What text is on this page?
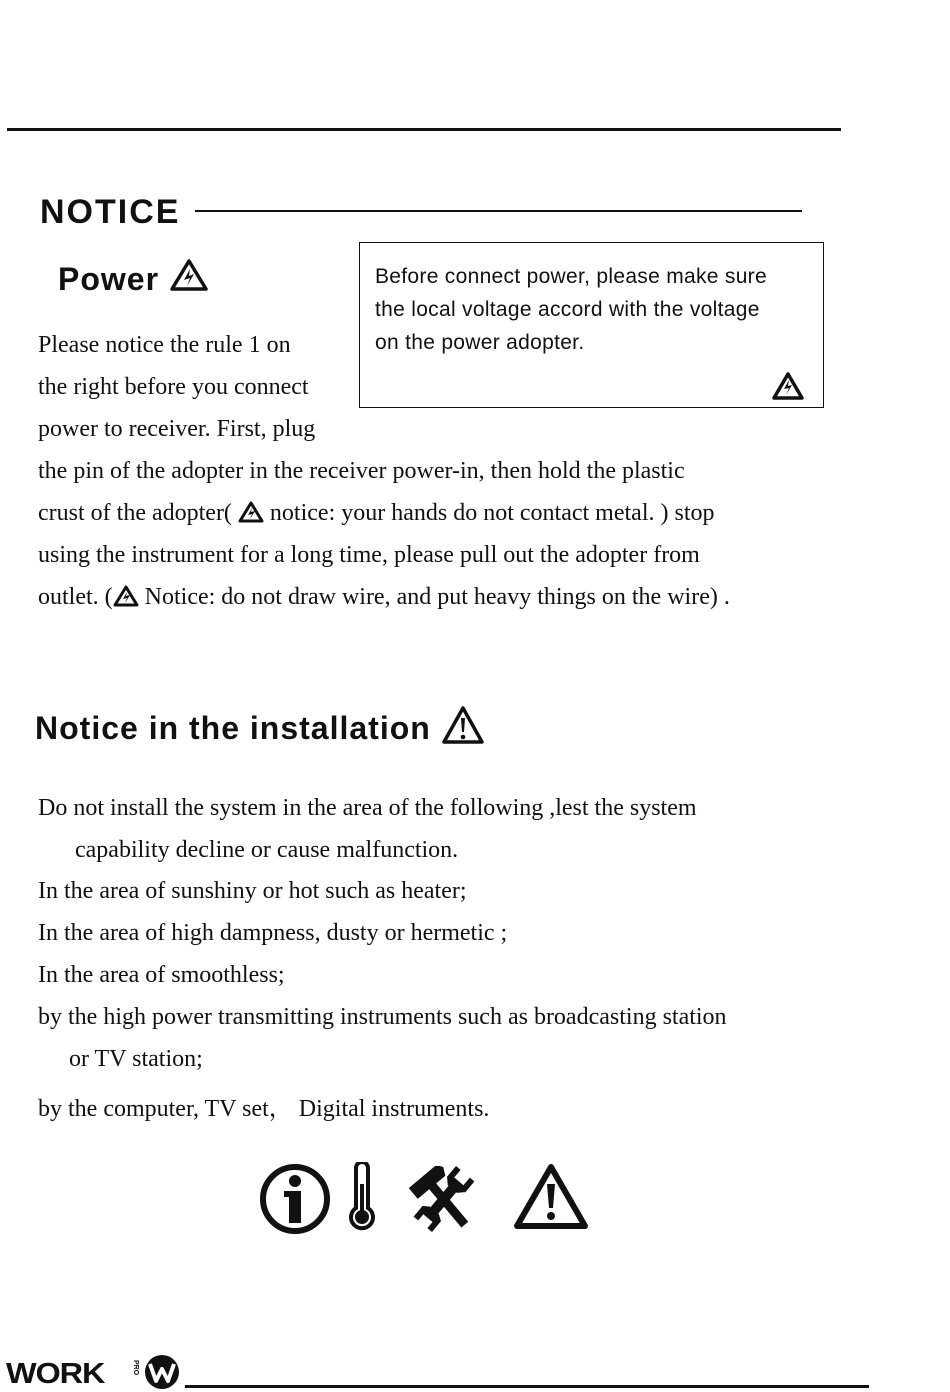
NOTICE
Power	Before connect power, please make sure
the local voltage accord with the voltage
on the power adopter.
Please notice the rule 1 on
the right before you connect
power to receiver. First, plug
the pin of the adopter in the receiver power-in, then hold the plastic
crust of the adopter(  notice: your hands do not contact metal. ) stop
using the instrument for a long time, please pull out the adopter from
outlet. ( Notice: do not draw wire, and put heavy things on the wire) .
Notice in the installation
Do not install the system in the area of the following ,lest the system
capability decline or cause malfunction.
In the area of sunshiny or hot such as heater;
In the area of high dampness, dusty or hermetic ;
In the area of smoothless;
by the high power transmitting instruments such as broadcasting station
or TV station;
by the computer, TV set， Digital instruments.
WORK	PRO
